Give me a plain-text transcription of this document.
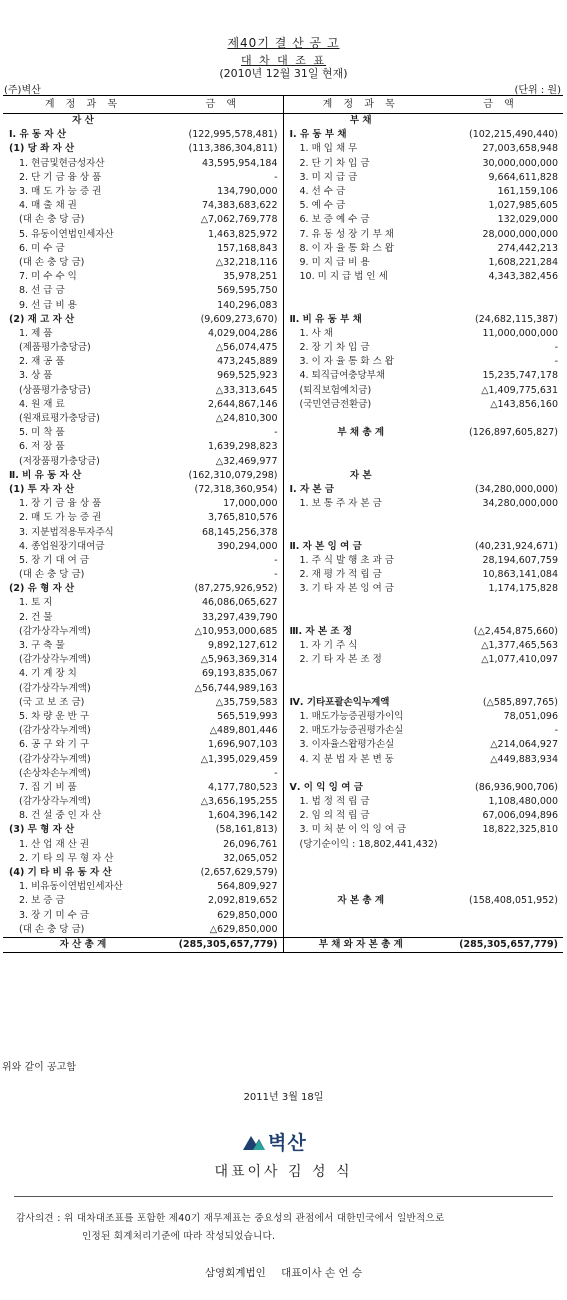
제40기 결 산 공 고
대 차 대 조 표
(2010년 12월 31일 현재)
(주)벽산	(단위 : 원)
계 정 과 목	금 액	계 정 과 목	금 액
자 산		부 채	
Ⅰ. 유 동 자 산	(122,995,578,481)	Ⅰ. 유 동 부 채	(102,215,490,440)
(1) 당 좌 자 산	(113,386,304,811)	1. 매 입 채 무	27,003,658,948
1. 현금및현금성자산	43,595,954,184	2. 단 기 차 입 금	30,000,000,000
2. 단 기 금 융 상 품	-	3. 미 지 급 금	9,664,611,828
3. 매 도 가 능 증 권	134,790,000	4. 선 수 금	161,159,106
4. 매 출 채 권	74,383,683,622	5. 예 수 금	1,027,985,605
(대 손 충 당 금)	△7,062,769,778	6. 보 증 예 수 금	132,029,000
5. 유동이연법인세자산	1,463,825,972	7. 유 동 성 장 기 부 채	28,000,000,000
6. 미 수 금	157,168,843	8. 이 자 율 통 화 스 왑	274,442,213
(대 손 충 당 금)	△32,218,116	9. 미 지 급 비 용	1,608,221,284
7. 미 수 수 익	35,978,251	10. 미 지 급 법 인 세	4,343,382,456
8. 선 급 금	569,595,750		
9. 선 급 비 용	140,296,083		
(2) 재 고 자 산	(9,609,273,670)	Ⅱ. 비 유 동 부 채	(24,682,115,387)
1. 제 품	4,029,004,286	1. 사 채	11,000,000,000
(제품평가충당금)	△56,074,475	2. 장 기 차 입 금	-
2. 재 공 품	473,245,889	3. 이 자 율 통 화 스 왑	-
3. 상 품	969,525,923	4. 퇴직급여충당부채	15,235,747,178
(상품평가충당금)	△33,313,645	(퇴직보험예치금)	△1,409,775,631
4. 원 재 료	2,644,867,146	(국민연금전환금)	△143,856,160
(원재료평가충당금)	△24,810,300		
5. 미 착 품	-	부 채 총 계	(126,897,605,827)
6. 저 장 품	1,639,298,823		
(저장품평가충당금)	△32,469,977		
Ⅱ. 비 유 동 자 산	(162,310,079,298)	자 본	
(1) 투 자 자 산	(72,318,360,954)	Ⅰ. 자 본 금	(34,280,000,000)
1. 장 기 금 융 상 품	17,000,000	1. 보 통 주 자 본 금	34,280,000,000
2. 매 도 가 능 증 권	3,765,810,576		
3. 지분법적용투자주식	68,145,256,378		
4. 종업원장기대여금	390,294,000	Ⅱ. 자 본 잉 여 금	(40,231,924,671)
5. 장 기 대 여 금	-	1. 주 식 발 행 초 과 금	28,194,607,759
(대 손 충 당 금)	-	2. 재 평 가 적 립 금	10,863,141,084
(2) 유 형 자 산	(87,275,926,952)	3. 기 타 자 본 잉 여 금	1,174,175,828
1. 토 지	46,086,065,627		
2. 건 물	33,297,439,790		
(감가상각누계액)	△10,953,000,685	Ⅲ. 자 본 조 정	(△2,454,875,660)
3. 구 축 물	9,892,127,612	1. 자 기 주 식	△1,377,465,563
(감가상각누계액)	△5,963,369,314	2. 기 타 자 본 조 정	△1,077,410,097
4. 기 계 장 치	69,193,835,067		
(감가상각누계액)	△56,744,989,163		
(국 고 보 조 금)	△35,759,583	Ⅳ. 기타포괄손익누계액	(△585,897,765)
5. 차 량 운 반 구	565,519,993	1. 매도가능증권평가이익	78,051,096
(감가상각누계액)	△489,801,446	2. 매도가능증권평가손실	-
6. 공 구 와 기 구	1,696,907,103	3. 이자율스왑평가손실	△214,064,927
(감가상각누계액)	△1,395,029,459	4. 지 분 법 자 본 변 동	△449,883,934
(손상차손누계액)	-		
7. 집 기 비 품	4,177,780,523	Ⅴ. 이 익 잉 여 금	(86,936,900,706)
(감가상각누계액)	△3,656,195,255	1. 법 정 적 립 금	1,108,480,000
8. 건 설 중 인 자 산	1,604,396,142	2. 임 의 적 립 금	67,006,094,896
(3) 무 형 자 산	(58,161,813)	3. 미 처 분 이 익 잉 여 금	18,822,325,810
1. 산 업 재 산 권	26,096,761	(당기순이익 : 18,802,441,432)	
2. 기 타 의 무 형 자 산	32,065,052		
(4) 기 타 비 유 동 자 산	(2,657,629,579)		
1. 비유동이연법인세자산	564,809,927		
2. 보 증 금	2,092,819,652	자 본 총 계	(158,408,051,952)
3. 장 기 미 수 금	629,850,000		
(대 손 충 당 금)	△629,850,000		
자 산 총 계	(285,305,657,779)	부 채 와 자 본 총 계	(285,305,657,779)
위와 같이 공고함
2011년 3월 18일
벽산
대표이사 김 성 식
감사의견 : 위 대차대조표를 포함한 제40기 재무제표는 중요성의 관점에서 대한민국에서 일반적으로
인정된 회계처리기준에 따라 작성되었습니다.
삼영회계법인 대표이사 손 언 승
